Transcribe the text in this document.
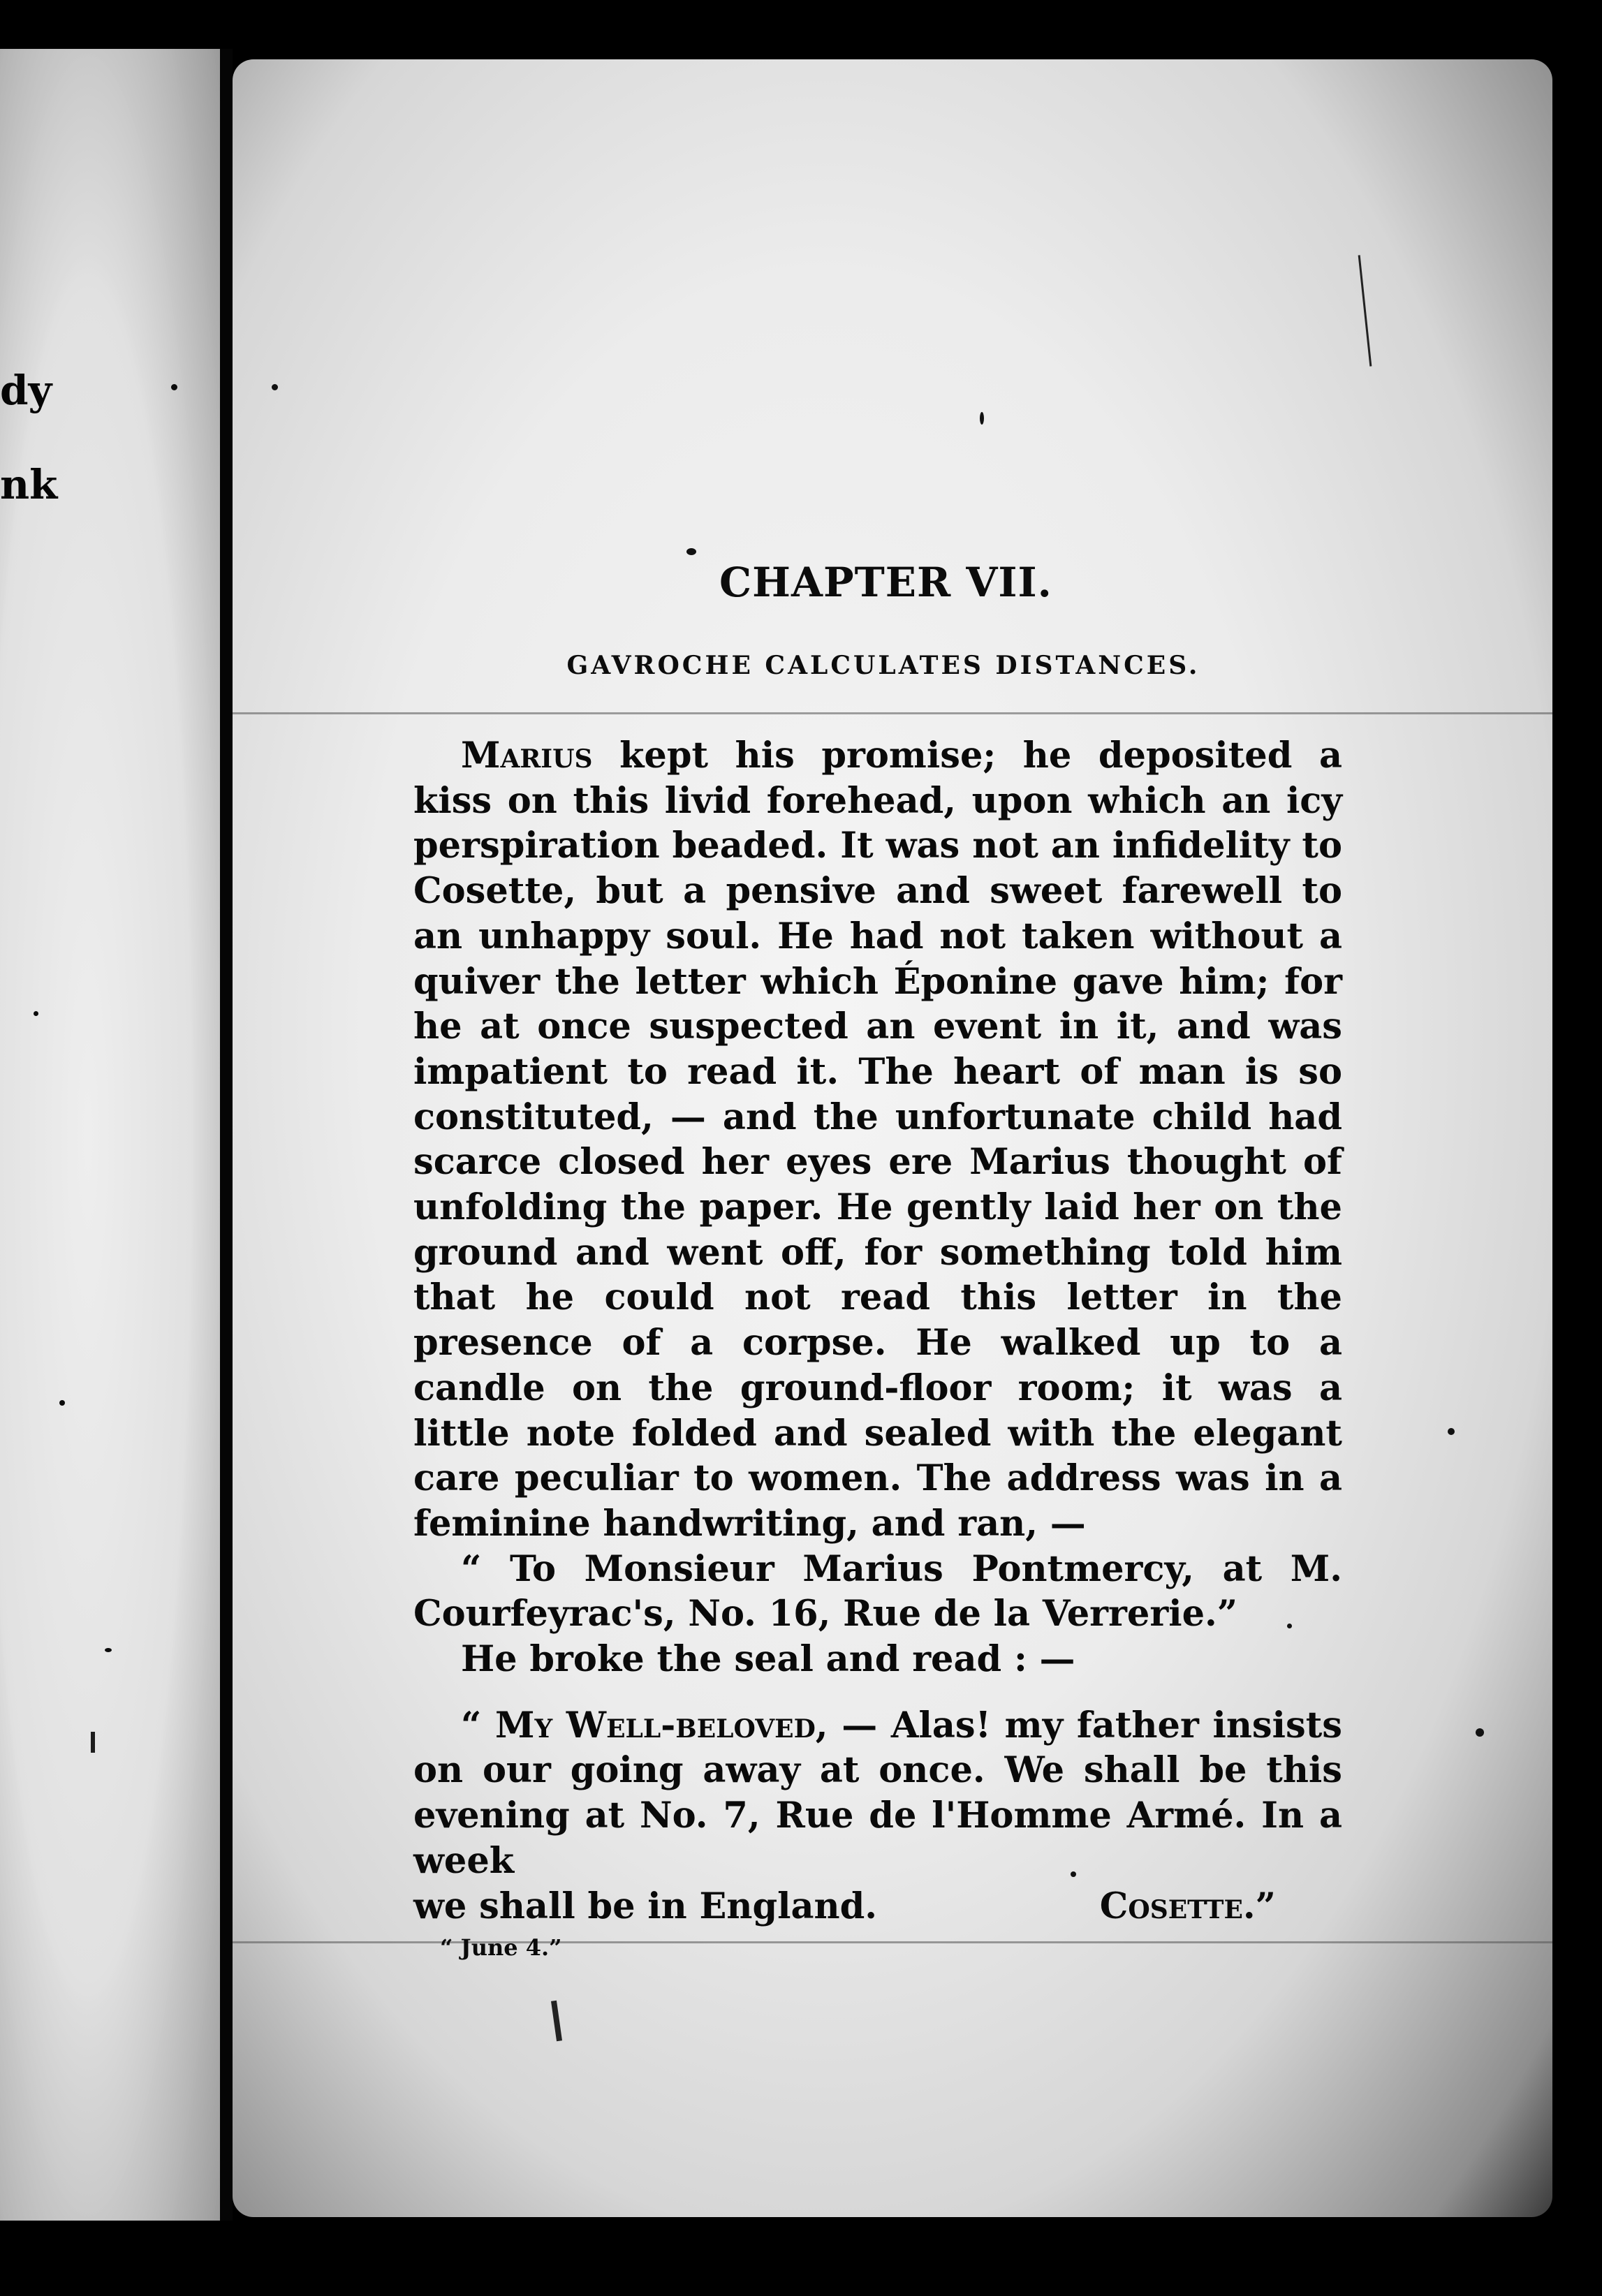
dy
nk
CHAPTER VII.
GAVROCHE CALCULATES DISTANCES.

Marius kept his promise; he deposited a kiss on this livid forehead, upon which an icy perspiration beaded. It was not an infidelity to Cosette, but a pensive and sweet farewell to an unhappy soul. He had not taken without a quiver the letter which Éponine gave him; for he at once suspected an event in it, and was impatient to read it. The heart of man is so constituted, — and the unfortunate child had scarce closed her eyes ere Marius thought of unfolding the paper. He gently laid her on the ground and went off, for something told him that he could not read this letter in the presence of a corpse. He walked up to a candle on the ground-floor room; it was a little note folded and sealed with the elegant care peculiar to women. The address was in a feminine handwriting, and ran, —

“ To Monsieur Marius Pontmercy, at M. Courfeyrac's, No. 16, Rue de la Verrerie.”

He broke the seal and read : —

“ My Well-beloved, — Alas! my father insists on our going away at once. We shall be this evening at No. 7, Rue de l'Homme Armé. In a week

we shall be in England.	Cosette.”
“ June 4.”
